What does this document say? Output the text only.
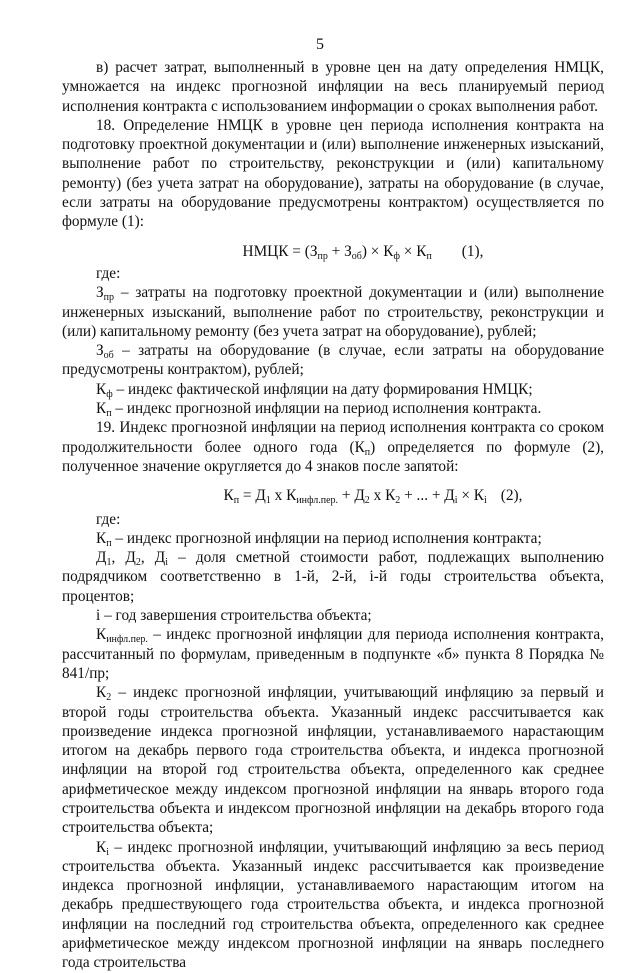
5

в) расчет затрат, выполненный в уровне цен на дату определения НМЦК, умножается на индекс прогнозной инфляции на весь планируемый период исполнения контракта с использованием информации о сроках выполнения работ.

18. Определение НМЦК в уровне цен периода исполнения контракта на подготовку проектной документации и (или) выполнение инженерных изысканий, выполнение работ по строительству, реконструкции и (или) капитальному ремонту) (без учета затрат на оборудование), затраты на оборудование (в случае, если затраты на оборудование предусмотрены контрактом) осуществляется по формуле (1):

НМЦК = $(З_{пр} + З_{об}) \times К_ф \times К_п$ (1),

где:

$З_{пр}$ – затраты на подготовку проектной документации и (или) выполнение инженерных изысканий, выполнение работ по строительству, реконструкции и (или) капитальному ремонту (без учета затрат на оборудование), рублей;

$З_{об}$ – затраты на оборудование (в случае, если затраты на оборудование предусмотрены контрактом), рублей;

$К_ф$ – индекс фактической инфляции на дату формирования НМЦК;

$К_п$ – индекс прогнозной инфляции на период исполнения контракта.

19. Индекс прогнозной инфляции на период исполнения контракта со сроком продолжительности более одного года $(К_п)$ определяется по формуле (2), полученное значение округляется до 4 знаков после запятой:

$К_п = Д_1$ x $К_{инфл.пер.} + Д_2$ x $К_2$ + ... + $Д_i \times К_i$ (2),

где:

$К_п$ – индекс прогнозной инфляции на период исполнения контракта;

$Д_1$, $Д_2$, $Д_i$ – доля сметной стоимости работ, подлежащих выполнению подрядчиком соответственно в 1-й, 2-й, i-й годы строительства объекта, процентов;

i – год завершения строительства объекта;

$К_{инфл.пер.}$ – индекс прогнозной инфляции для периода исполнения контракта, рассчитанный по формулам, приведенным в подпункте «б» пункта 8 Порядка № 841/пр;

$К_2$ – индекс прогнозной инфляции, учитывающий инфляцию за первый и второй годы строительства объекта. Указанный индекс рассчитывается как произведение индекса прогнозной инфляции, устанавливаемого нарастающим итогом на декабрь первого года строительства объекта, и индекса прогнозной инфляции на второй год строительства объекта, определенного как среднее арифметическое между индексом прогнозной инфляции на январь второго года строительства объекта и индексом прогнозной инфляции на декабрь второго года строительства объекта;

$К_i$ – индекс прогнозной инфляции, учитывающий инфляцию за весь период строительства объекта. Указанный индекс рассчитывается как произведение индекса прогнозной инфляции, устанавливаемого нарастающим итогом на декабрь предшествующего года строительства объекта, и индекса прогнозной инфляции на последний год строительства объекта, определенного как среднее арифметическое между индексом прогнозной инфляции на январь последнего года строительства
